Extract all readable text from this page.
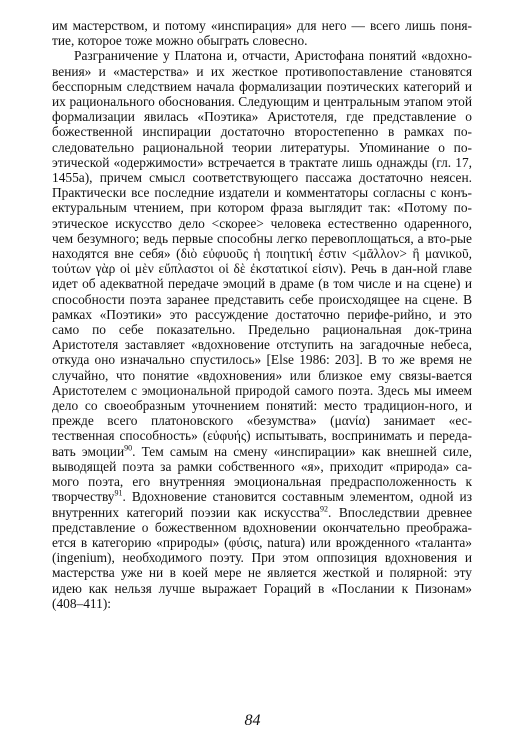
им мастерством, и потому «инспирация» для него — всего лишь поня-тие, которое тоже можно обыграть словесно.

Разграничение у Платона и, отчасти, Аристофана понятий «вдохно-вения» и «мастерства» и их жесткое противопоставление становятся бесспорным следствием начала формализации поэтических категорий и их рационального обоснования. Следующим и центральным этапом этой формализации явилась «Поэтика» Аристотеля, где представление о божественной инспирации достаточно второстепенно в рамках по-следовательно рациональной теории литературы. Упоминание о по-этической «одержимости» встречается в трактате лишь однажды (гл. 17, 1455a), причем смысл соответствующего пассажа достаточно неясен. Практически все последние издатели и комментаторы согласны с конъ-ектуральным чтением, при котором фраза выглядит так: «Потому по-этическое искусство дело <скорее> человека естественно одаренного, чем безумного; ведь первые способны легко перевоплощаться, а вто-рые находятся вне себя» (διὸ εὐφυοῦς ἡ ποιητική ἐστιν <μᾶλλον> ἢ μανικοῦ, τούτων γὰρ οἱ μὲν εὔπλαστοι οἱ δὲ ἐκστατικοί εἰσιν). Речь в дан-ной главе идет об адекватной передаче эмоций в драме (в том числе и на сцене) и способности поэта заранее представить себе происходящее на сцене. В рамках «Поэтики» это рассуждение достаточно перифе-рийно, и это само по себе показательно. Предельно рациональная док-трина Аристотеля заставляет «вдохновение отступить на загадочные небеса, откуда оно изначально спустилось» [Else 1986: 203]. В то же время не случайно, что понятие «вдохновения» или близкое ему связы-вается Аристотелем с эмоциональной природой самого поэта. Здесь мы имеем дело со своеобразным уточнением понятий: место традицион-ного, и прежде всего платоновского «безумства» (μανία) занимает «ес-тественная способность» (εὐφυής) испытывать, воспринимать и переда-вать эмоции$^{90}$. Тем самым на смену «инспирации» как внешней силе, выводящей поэта за рамки собственного «я», приходит «природа» са-мого поэта, его внутренняя эмоциональная предрасположенность к творчеству$^{91}$. Вдохновение становится составным элементом, одной из внутренних категорий поэзии как искусства$^{92}$. Впоследствии древнее представление о божественном вдохновении окончательно преобража-ется в категорию «природы» (φύσις, natura) или врожденного «таланта» (ingenium), необходимого поэту. При этом оппозиция вдохновения и мастерства уже ни в коей мере не является жесткой и полярной: эту идею как нельзя лучше выражает Гораций в «Послании к Пизонам» (408–411):

84
